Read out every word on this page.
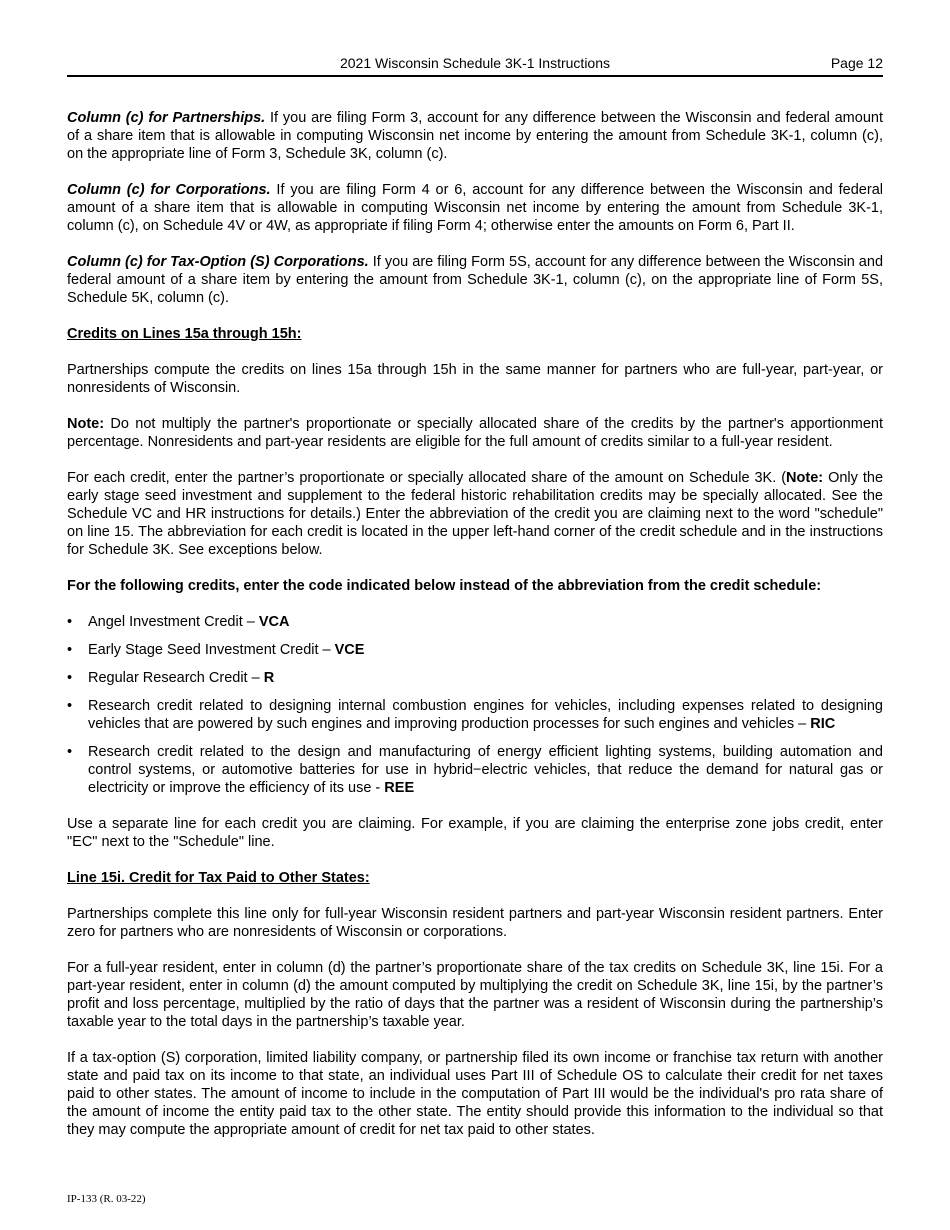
2021 Wisconsin Schedule 3K-1 Instructions	Page 12

Column (c) for Partnerships. If you are filing Form 3, account for any difference between the Wisconsin and federal amount of a share item that is allowable in computing Wisconsin net income by entering the amount from Schedule 3K-1, column (c), on the appropriate line of Form 3, Schedule 3K, column (c).

Column (c) for Corporations. If you are filing Form 4 or 6, account for any difference between the Wisconsin and federal amount of a share item that is allowable in computing Wisconsin net income by entering the amount from Schedule 3K-1, column (c), on Schedule 4V or 4W, as appropriate if filing Form 4; otherwise enter the amounts on Form 6, Part II.

Column (c) for Tax-Option (S) Corporations. If you are filing Form 5S, account for any difference between the Wisconsin and federal amount of a share item by entering the amount from Schedule 3K-1, column (c), on the appropriate line of Form 5S, Schedule 5K, column (c).

Credits on Lines 15a through 15h:

Partnerships compute the credits on lines 15a through 15h in the same manner for partners who are full-year, part-year, or nonresidents of Wisconsin.

Note: Do not multiply the partner's proportionate or specially allocated share of the credits by the partner's apportionment percentage. Nonresidents and part-year residents are eligible for the full amount of credits similar to a full-year resident.

For each credit, enter the partner’s proportionate or specially allocated share of the amount on Schedule 3K. (Note: Only the early stage seed investment and supplement to the federal historic rehabilitation credits may be specially allocated. See the Schedule VC and HR instructions for details.) Enter the abbreviation of the credit you are claiming next to the word "schedule" on line 15. The abbreviation for each credit is located in the upper left-hand corner of the credit schedule and in the instructions for Schedule 3K. See exceptions below.

For the following credits, enter the code indicated below instead of the abbreviation from the credit schedule:
• Angel Investment Credit – VCA
• Early Stage Seed Investment Credit – VCE
• Regular Research Credit – R
• Research credit related to designing internal combustion engines for vehicles, including expenses related to designing vehicles that are powered by such engines and improving production processes for such engines and vehicles – RIC
• Research credit related to the design and manufacturing of energy efficient lighting systems, building automation and control systems, or automotive batteries for use in hybrid−electric vehicles, that reduce the demand for natural gas or electricity or improve the efficiency of its use - REE

Use a separate line for each credit you are claiming. For example, if you are claiming the enterprise zone jobs credit, enter "EC" next to the "Schedule" line.

Line 15i. Credit for Tax Paid to Other States:

Partnerships complete this line only for full-year Wisconsin resident partners and part-year Wisconsin resident partners. Enter zero for partners who are nonresidents of Wisconsin or corporations.

For a full-year resident, enter in column (d) the partner’s proportionate share of the tax credits on Schedule 3K, line 15i. For a part-year resident, enter in column (d) the amount computed by multiplying the credit on Schedule 3K, line 15i, by the partner’s profit and loss percentage, multiplied by the ratio of days that the partner was a resident of Wisconsin during the partnership’s taxable year to the total days in the partnership’s taxable year.

If a tax-option (S) corporation, limited liability company, or partnership filed its own income or franchise tax return with another state and paid tax on its income to that state, an individual uses Part III of Schedule OS to calculate their credit for net taxes paid to other states. The amount of income to include in the computation of Part III would be the individual's pro rata share of the amount of income the entity paid tax to the other state. The entity should provide this information to the individual so that they may compute the appropriate amount of credit for net tax paid to other states.

IP-133 (R. 03-22)
